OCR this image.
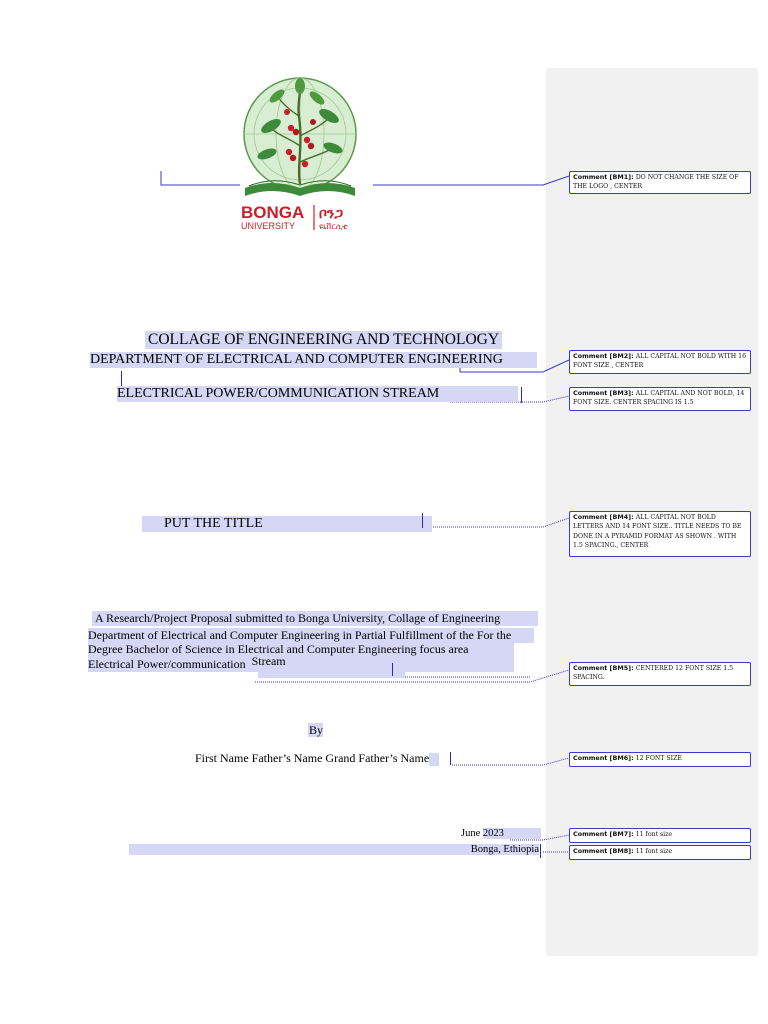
BONGA
UNIVERSITY
ቦንጋ
ዩኒቨርሲቲ
COLLAGE OF ENGINEERING AND TECHNOLOGY
DEPARTMENT OF ELECTRICAL AND COMPUTER ENGINEERING
ELECTRICAL POWER/COMMUNICATION STREAM
PUT THE TITLE
A Research/Project Proposal submitted to Bonga University, Collage of Engineering
Department of Electrical and Computer Engineering in Partial Fulfillment of the For the
Degree Bachelor of Science in Electrical and Computer Engineering focus area
Electrical Power/communication Stream
By
First Name Father’s Name Grand Father’s Name
June 2023
Bonga, Ethiopia
Comment [BM1]: DO NOT CHANGE THE SIZE OF THE LOGO , CENTER
Comment [BM2]: ALL CAPITAL NOT BOLD WITH 16 FONT SIZE , CENTER
Comment [BM3]: ALL CAPITAL AND NOT BOLD, 14 FONT SIZE. CENTER SPACING IS 1.5
Comment [BM4]: ALL CAPITAL NOT BOLD LETTERS AND 14 FONT SIZE.. TITLE NEEDS TO BE DONE IN A PYRAMID FORMAT AS SHOWN . WITH 1.5 SPACING., CENTER
Comment [BM5]: CENTERED 12 FONT SIZE 1.5 SPACING.
Comment [BM6]: 12 FONT SIZE
Comment [BM7]: 11 font size
Comment [BM8]: 11 font size
